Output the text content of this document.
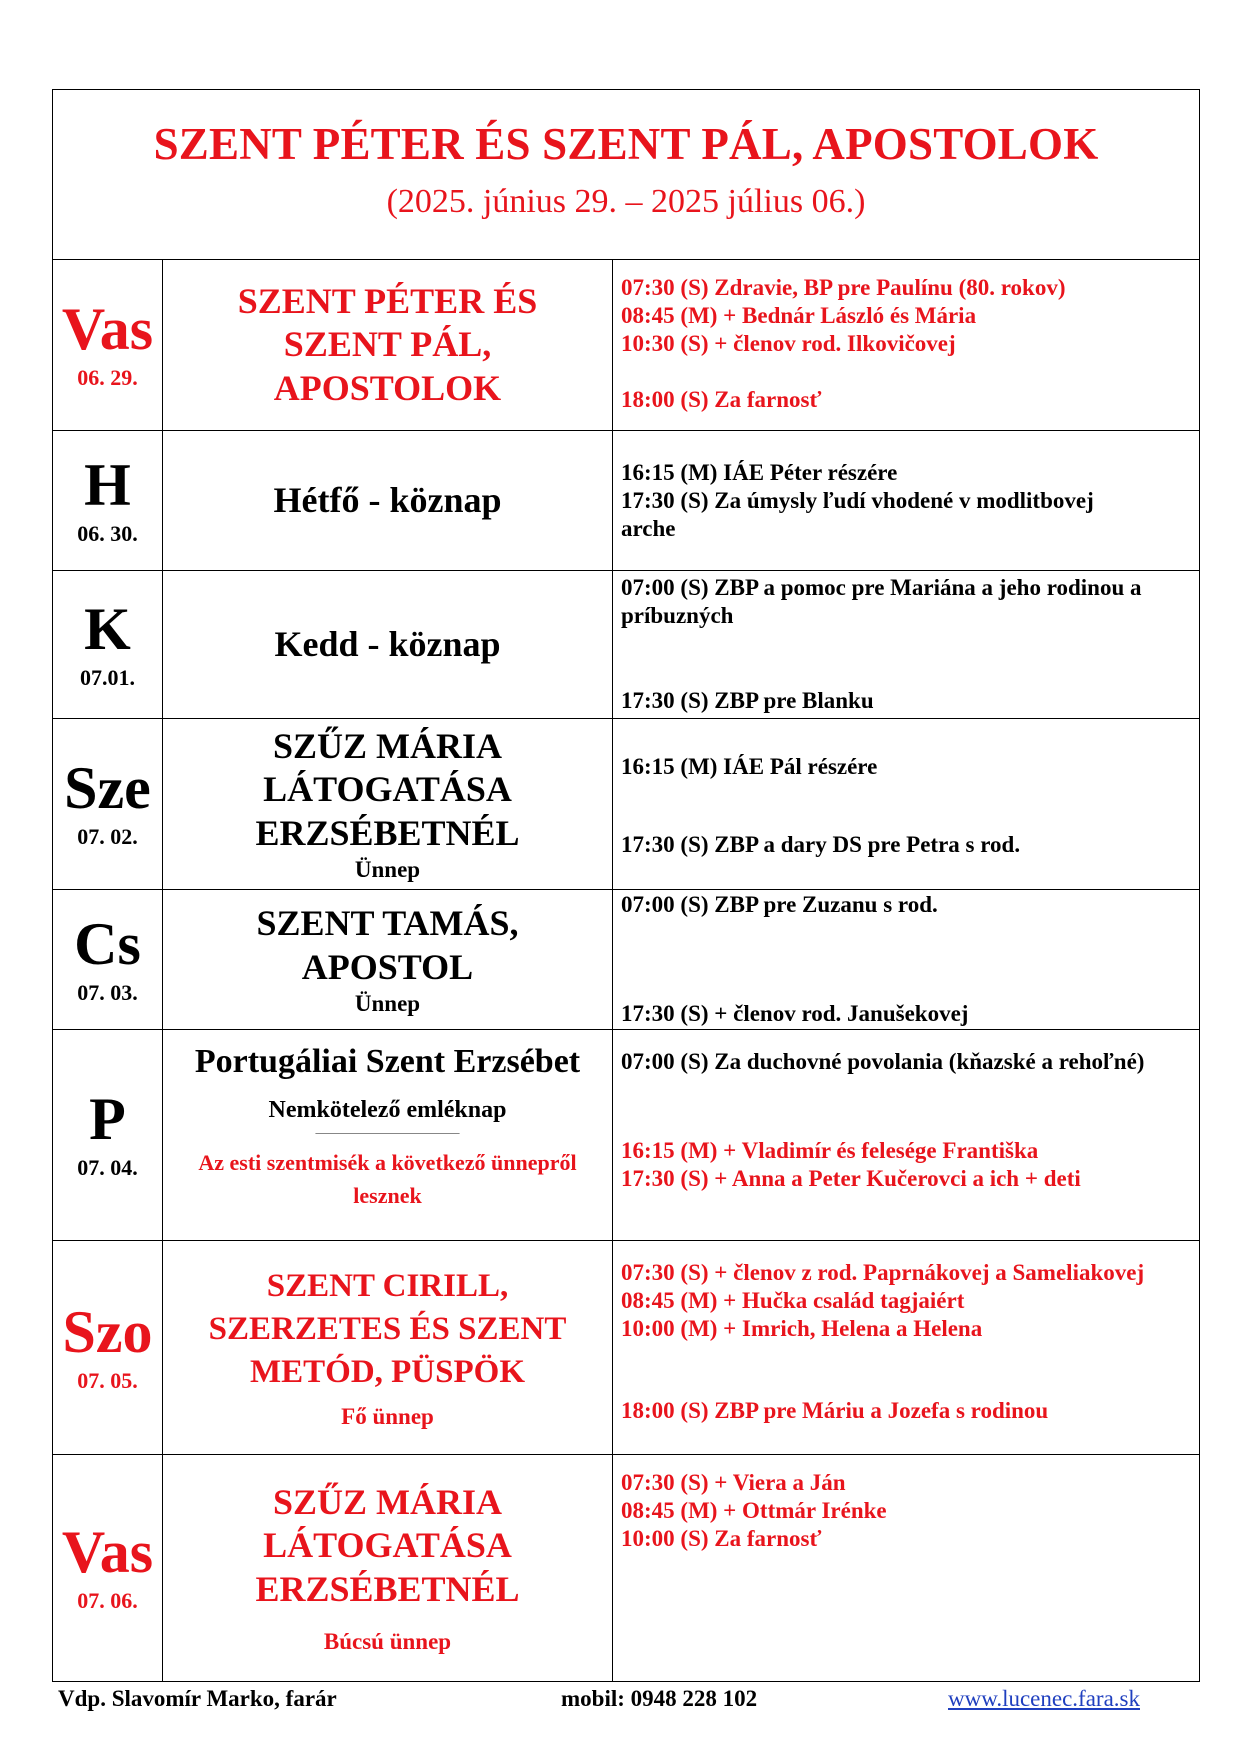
SZENT PÉTER ÉS SZENT PÁL, APOSTOLOK
(2025. június 29. – 2025 július 06.)
Vas
06. 29.
SZENT PÉTER ÉS
SZENT PÁL,
APOSTOLOK
07:30 (S) Zdravie, BP pre Paulínu (80. rokov)
08:45 (M) + Bednár László és Mária
10:30 (S) + členov rod. Ilkovičovej
18:00 (S) Za farnosť
H
06. 30.
Hétfő - köznap
16:15 (M) IÁE Péter részére
17:30 (S) Za úmysly ľudí vhodené v modlitbovej
arche
K
07.01.
Kedd - köznap
07:00 (S) ZBP a pomoc pre Mariána a jeho rodinou a
príbuzných
17:30 (S) ZBP pre Blanku
Sze
07. 02.
SZŰZ MÁRIA
LÁTOGATÁSA
ERZSÉBETNÉL
Ünnep
16:15 (M) IÁE Pál részére
17:30 (S) ZBP a dary DS pre Petra s rod.
Cs
07. 03.
SZENT TAMÁS,
APOSTOL
Ünnep
07:00 (S) ZBP pre Zuzanu s rod.
17:30 (S) + členov rod. Janušekovej
P
07. 04.
Portugáliai Szent Erzsébet
Nemkötelező emléknap
————————————
Az esti szentmisék a következő ünnepről lesznek
07:00 (S) Za duchovné povolania (kňazské a rehoľné)
16:15 (M) + Vladimír és felesége Františka
17:30 (S) + Anna a Peter Kučerovci a ich + deti
Szo
07. 05.
SZENT CIRILL,
SZERZETES ÉS SZENT
METÓD, PÜSPÖK
Fő ünnep
07:30 (S) + členov z rod. Paprnákovej a Sameliakovej
08:45 (M) + Hučka család tagjaiért
10:00 (M) + Imrich, Helena a Helena
18:00 (S) ZBP pre Máriu a Jozefa s rodinou
Vas
07. 06.
SZŰZ MÁRIA
LÁTOGATÁSA
ERZSÉBETNÉL
Búcsú ünnep
07:30 (S) + Viera a Ján
08:45 (M) + Ottmár Irénke
10:00 (S) Za farnosť
Vdp. Slavomír Marko, farár	mobil: 0948 228 102	www.lucenec.fara.sk
